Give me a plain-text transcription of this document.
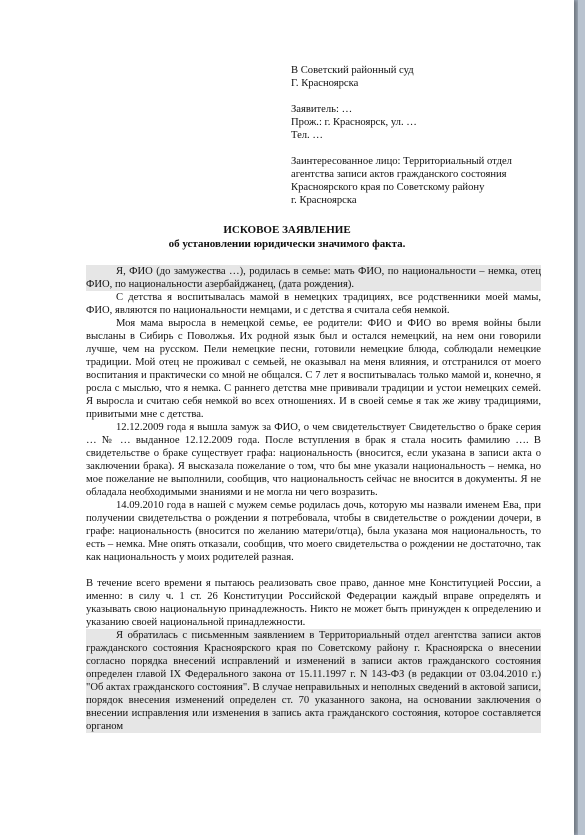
В Советский районный суд
Г. Красноярска
Заявитель: …
Прож.: г. Красноярск, ул. …
Тел. …
Заинтересованное лицо: Территориальный отдел
агентства записи актов гражданского состояния
Красноярского края по Советскому району
г. Красноярска
ИСКОВОЕ ЗАЯВЛЕНИЕ
об установлении юридически значимого факта.

Я, ФИО (до замужества …), родилась в семье: мать ФИО, по национальности – немка, отец ФИО, по национальности азербайджанец, (дата рождения).

С детства я воспитывалась мамой в немецких традициях, все родственники моей мамы, ФИО, являются по национальности немцами, и с детства я считала себя немкой.

Моя мама выросла в немецкой семье, ее родители: ФИО и ФИО во время войны были высланы в Сибирь с Поволжья. Их родной язык был и остался немецкий, на нем они говорили лучше, чем на русском. Пели немецкие песни, готовили немецкие блюда, соблюдали немецкие традиции. Мой отец не проживал с семьей, не оказывал на меня влияния, и отстранился от моего воспитания и практически со мной не общался. С 7 лет я воспитывалась только мамой и, конечно, я росла с мыслью, что я немка. С раннего детства мне прививали традиции и устои немецких семей. Я выросла и считаю себя немкой во всех отношениях. И в своей семье я так же живу традициями, привитыми мне с детства.

12.12.2009 года я вышла замуж за ФИО, о чем свидетельствует Свидетельство о браке серия … № … выданное 12.12.2009 года. После вступления в брак я стала носить фамилию …. В свидетельстве о браке существует графа: национальность (вносится, если указана в записи акта о заключении брака). Я высказала пожелание о том, что бы мне указали национальность – немка, но мое пожелание не выполнили, сообщив, что национальность сейчас не вносится в документы. Я не обладала необходимыми знаниями и не могла ни чего возразить.

14.09.2010 года в нашей с мужем семье родилась дочь, которую мы назвали именем Ева, при получении свидетельства о рождении я потребовала, чтобы в свидетельстве о рождении дочери, в графе: национальность (вносится по желанию матери/отца), была указана моя национальность, то есть – немка. Мне опять отказали, сообщив, что моего свидетельства о рождении не достаточно, так как национальность у моих родителей разная.

В течение всего времени я пытаюсь реализовать свое право, данное мне Конституцией России, а именно: в силу ч. 1 ст. 26 Конституции Российской Федерации каждый вправе определять и указывать свою национальную принадлежность. Никто не может быть принужден к определению и указанию своей национальной принадлежности.

Я обратилась с письменным заявлением в Территориальный отдел агентства записи актов гражданского состояния Красноярского края по Советскому району г. Красноярска о внесении согласно порядка внесений исправлений и изменений в записи актов гражданского состояния определен главой IX Федерального закона от 15.11.1997 г. N 143-ФЗ (в редакции от 03.04.2010 г.) "Об актах гражданского состояния". В случае неправильных и неполных сведений в актовой записи, порядок внесения изменений определен ст. 70 указанного закона, на основании заключения о внесении исправления или изменения в запись акта гражданского состояния, которое составляется органом
